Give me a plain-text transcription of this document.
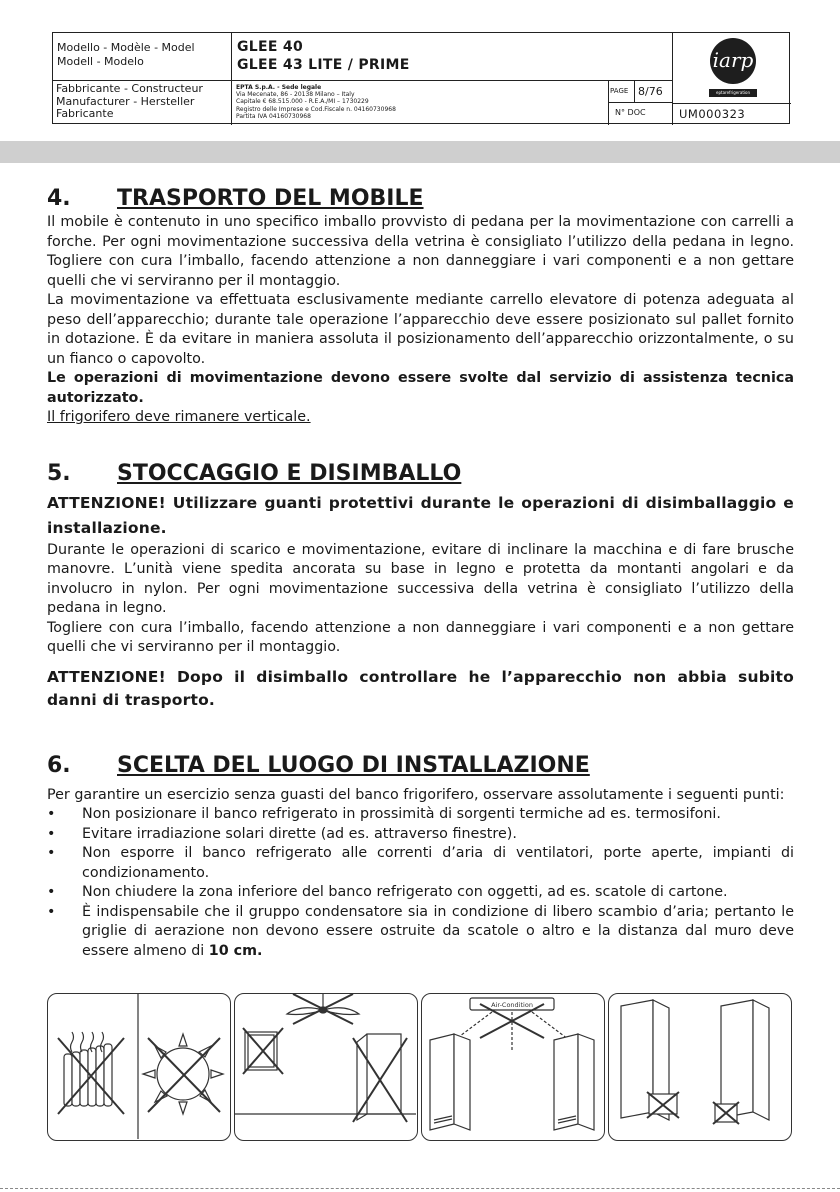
Modello - Modèle - Model
Modell - Modelo
GLEE 40
GLEE 43 LITE / PRIME	iarp
eptarefrigeration
Fabbricante - Constructeur
Manufacturer - Hersteller
Fabricante
EPTA S.p.A. - Sede legale
Via Mecenate, 86 - 20138 Milano – Italy
Capitale € 68.515.000 - R.E.A./MI – 1730229
Registro delle Imprese e Cod.Fiscale n. 04160730968
Partita IVA 04160730968
PAGE 8/76
N° DOC	UM000323
4.	TRASPORTO DEL MOBILE

Il mobile è contenuto in uno specifico imballo provvisto di pedana per la movimentazione con carrelli a forche. Per ogni movimentazione successiva della vetrina è consigliato l’utilizzo della pedana in legno. Togliere con cura l’imballo, facendo attenzione a non danneggiare i vari componenti e a non gettare quelli che vi serviranno per il montaggio.

La movimentazione va effettuata esclusivamente mediante carrello elevatore di potenza adeguata al peso dell’apparecchio; durante tale operazione l’apparecchio deve essere posizionato sul pallet fornito in dotazione. È da evitare in maniera assoluta il posizionamento dell’apparecchio orizzontalmente, o su un fianco o capovolto.

Le operazioni di movimentazione devono essere svolte dal servizio di assistenza tecnica autorizzato.

Il frigorifero deve rimanere verticale.

5.	STOCCAGGIO E DISIMBALLO

ATTENZIONE! Utilizzare guanti protettivi durante le operazioni di disimballaggio e installazione.

Durante le operazioni di scarico e movimentazione, evitare di inclinare la macchina e di fare brusche manovre. L’unità viene spedita ancorata su base in legno e protetta da montanti angolari e da involucro in nylon. Per ogni movimentazione successiva della vetrina è consigliato l’utilizzo della pedana in legno.

Togliere con cura l’imballo, facendo attenzione a non danneggiare i vari componenti e a non gettare quelli che vi serviranno per il montaggio.

ATTENZIONE! Dopo il disimballo controllare he l’apparecchio non abbia subito danni di trasporto.

6.	SCELTA DEL LUOGO DI INSTALLAZIONE

Per garantire un esercizio senza guasti del banco frigorifero, osservare assolutamente i seguenti punti:

• Non posizionare il banco refrigerato in prossimità di sorgenti termiche ad es. termosifoni.
• Evitare irradiazione solari dirette (ad es. attraverso finestre).
• Non esporre il banco refrigerato alle correnti d’aria di ventilatori, porte aperte, impianti di condizionamento.
• Non chiudere la zona inferiore del banco refrigerato con oggetti, ad es. scatole di cartone.
• È indispensabile che il gruppo condensatore sia in condizione di libero scambio d’aria; pertanto le griglie di aerazione non devono essere ostruite da scatole o altro e la distanza dal muro deve essere almeno di 10 cm.
Air-Condition
